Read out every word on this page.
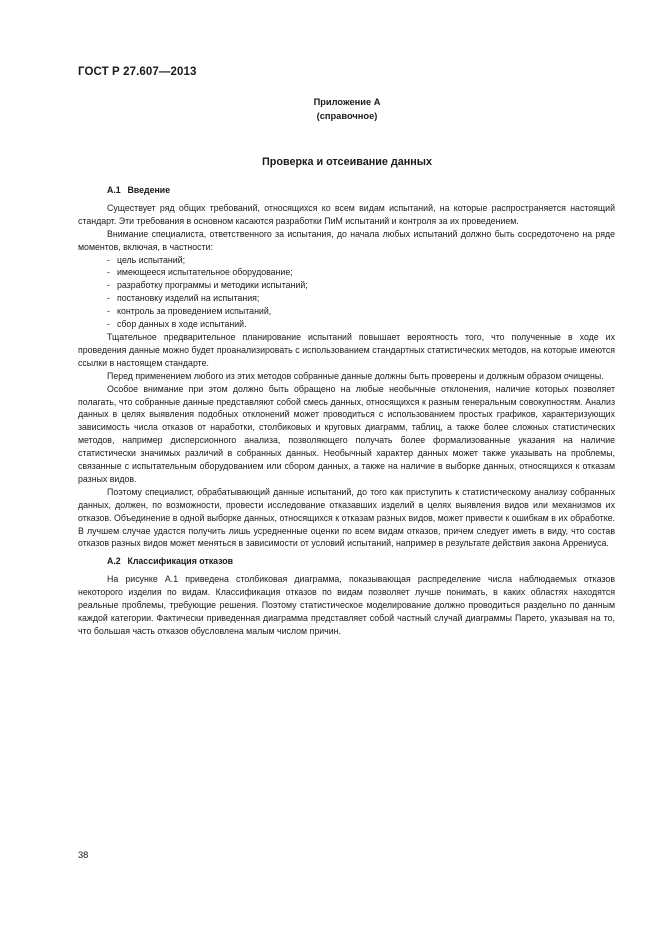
ГОСТ Р 27.607—2013
Приложение А
(справочное)
Проверка и отсеивание данных
А.1 Введение

Существует ряд общих требований, относящихся ко всем видам испытаний, на которые распространяется настоящий стандарт. Эти требования в основном касаются разработки ПиМ испытаний и контроля за их проведением.

Внимание специалиста, ответственного за испытания, до начала любых испытаний должно быть сосредоточено на ряде моментов, включая, в частности:

- цель испытаний;
- имеющееся испытательное оборудование;
- разработку программы и методики испытаний;
- постановку изделий на испытания;
- контроль за проведением испытаний,
- сбор данных в ходе испытаний.

Тщательное предварительное планирование испытаний повышает вероятность того, что полученные в ходе их проведения данные можно будет проанализировать с использованием стандартных статистических методов, на которые имеются ссылки в настоящем стандарте.

Перед применением любого из этих методов собранные данные должны быть проверены и должным образом очищены.

Особое внимание при этом должно быть обращено на любые необычные отклонения, наличие которых позволяет полагать, что собранные данные представляют собой смесь данных, относящихся к разным генеральным совокупностям. Анализ данных в целях выявления подобных отклонений может проводиться с использованием простых графиков, характеризующих зависимость числа отказов от наработки, столбиковых и круговых диаграмм, таблиц, а также более сложных статистических методов, например дисперсионного анализа, позволяющего получать более формализованные указания на наличие статистически значимых различий в собранных данных. Необычный характер данных может также указывать на проблемы, связанные с испытательным оборудованием или сбором данных, а также на наличие в выборке данных, относящихся к отказам разных видов.

Поэтому специалист, обрабатывающий данные испытаний, до того как приступить к статистическому анализу собранных данных, должен, по возможности, провести исследование отказавших изделий в целях выявления видов или механизмов их отказов. Объединение в одной выборке данных, относящихся к отказам разных видов, может привести к ошибкам в их обработке. В лучшем случае удастся получить лишь усредненные оценки по всем видам отказов, причем следует иметь в виду, что состав отказов разных видов может меняться в зависимости от условий испытаний, например в результате действия закона Аррениуса.

А.2 Классификация отказов

На рисунке А.1 приведена столбиковая диаграмма, показывающая распределение числа наблюдаемых отказов некоторого изделия по видам. Классификация отказов по видам позволяет лучше понимать, в каких областях находятся реальные проблемы, требующие решения. Поэтому статистическое моделирование должно проводиться раздельно по данным каждой категории. Фактически приведенная диаграмма представляет собой частный случай диаграммы Парето, указывая на то, что большая часть отказов обусловлена малым числом причин.

38
